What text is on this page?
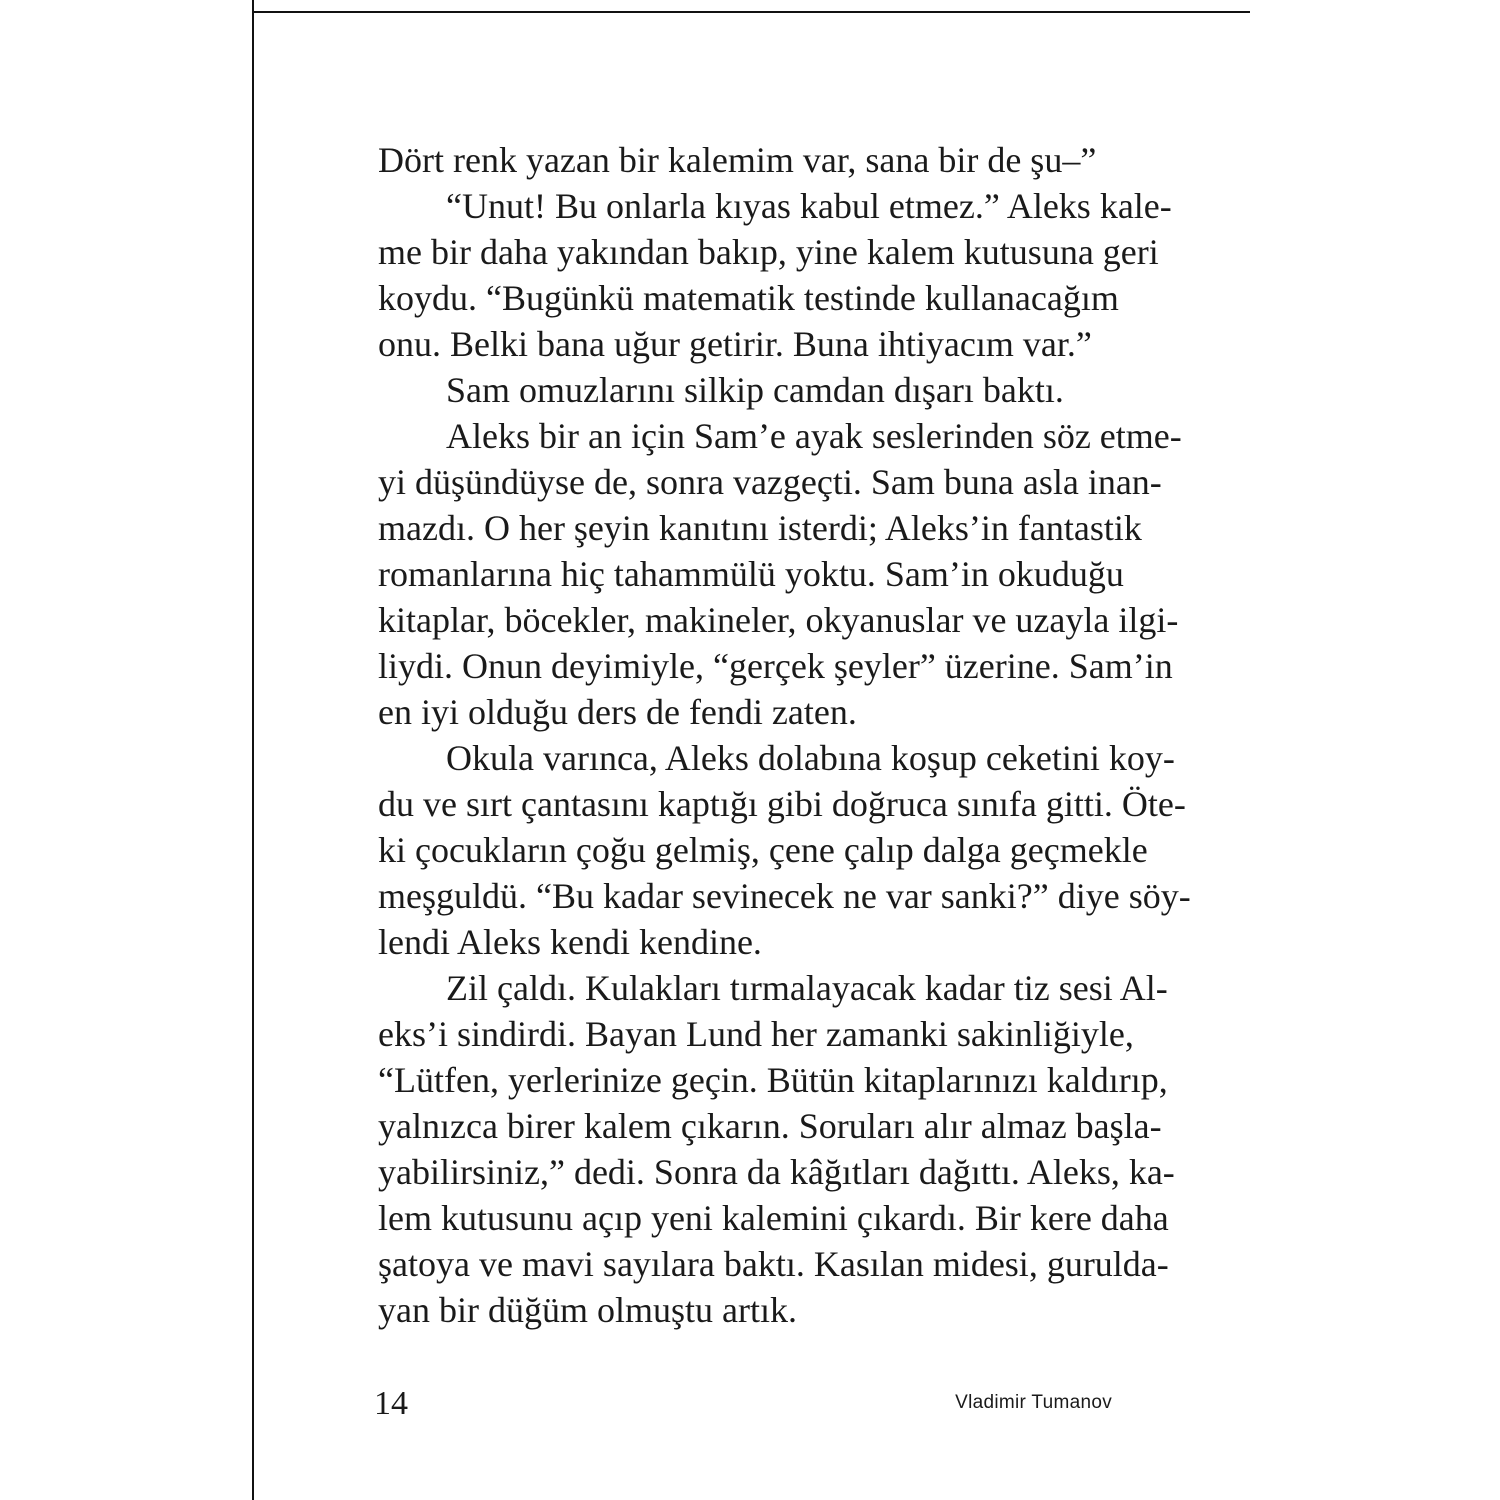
Dört renk yazan bir kalemim var, sana bir de şu–”
“Unut! Bu onlarla kıyas kabul etmez.” Aleks kale-
me bir daha yakından bakıp, yine kalem kutusuna geri
koydu. “Bugünkü matematik testinde kullanacağım
onu. Belki bana uğur getirir. Buna ihtiyacım var.”
Sam omuzlarını silkip camdan dışarı baktı.
Aleks bir an için Sam’e ayak seslerinden söz etme-
yi düşündüyse de, sonra vazgeçti. Sam buna asla inan-
mazdı. O her şeyin kanıtını isterdi; Aleks’in fantastik
romanlarına hiç tahammülü yoktu. Sam’in okuduğu
kitaplar, böcekler, makineler, okyanuslar ve uzayla ilgi-
liydi. Onun deyimiyle, “gerçek şeyler” üzerine. Sam’in
en iyi olduğu ders de fendi zaten.
Okula varınca, Aleks dolabına koşup ceketini koy-
du ve sırt çantasını kaptığı gibi doğruca sınıfa gitti. Öte-
ki çocukların çoğu gelmiş, çene çalıp dalga geçmekle
meşguldü. “Bu kadar sevinecek ne var sanki?” diye söy-
lendi Aleks kendi kendine.
Zil çaldı. Kulakları tırmalayacak kadar tiz sesi Al-
eks’i sindirdi. Bayan Lund her zamanki sakinliğiyle,
“Lütfen, yerlerinize geçin. Bütün kitaplarınızı kaldırıp,
yalnızca birer kalem çıkarın. Soruları alır almaz başla-
yabilirsiniz,” dedi. Sonra da kâğıtları dağıttı. Aleks, ka-
lem kutusunu açıp yeni kalemini çıkardı. Bir kere daha
şatoya ve mavi sayılara baktı. Kasılan midesi, gurulda-
yan bir düğüm olmuştu artık.
14	Vladimir Tumanov
